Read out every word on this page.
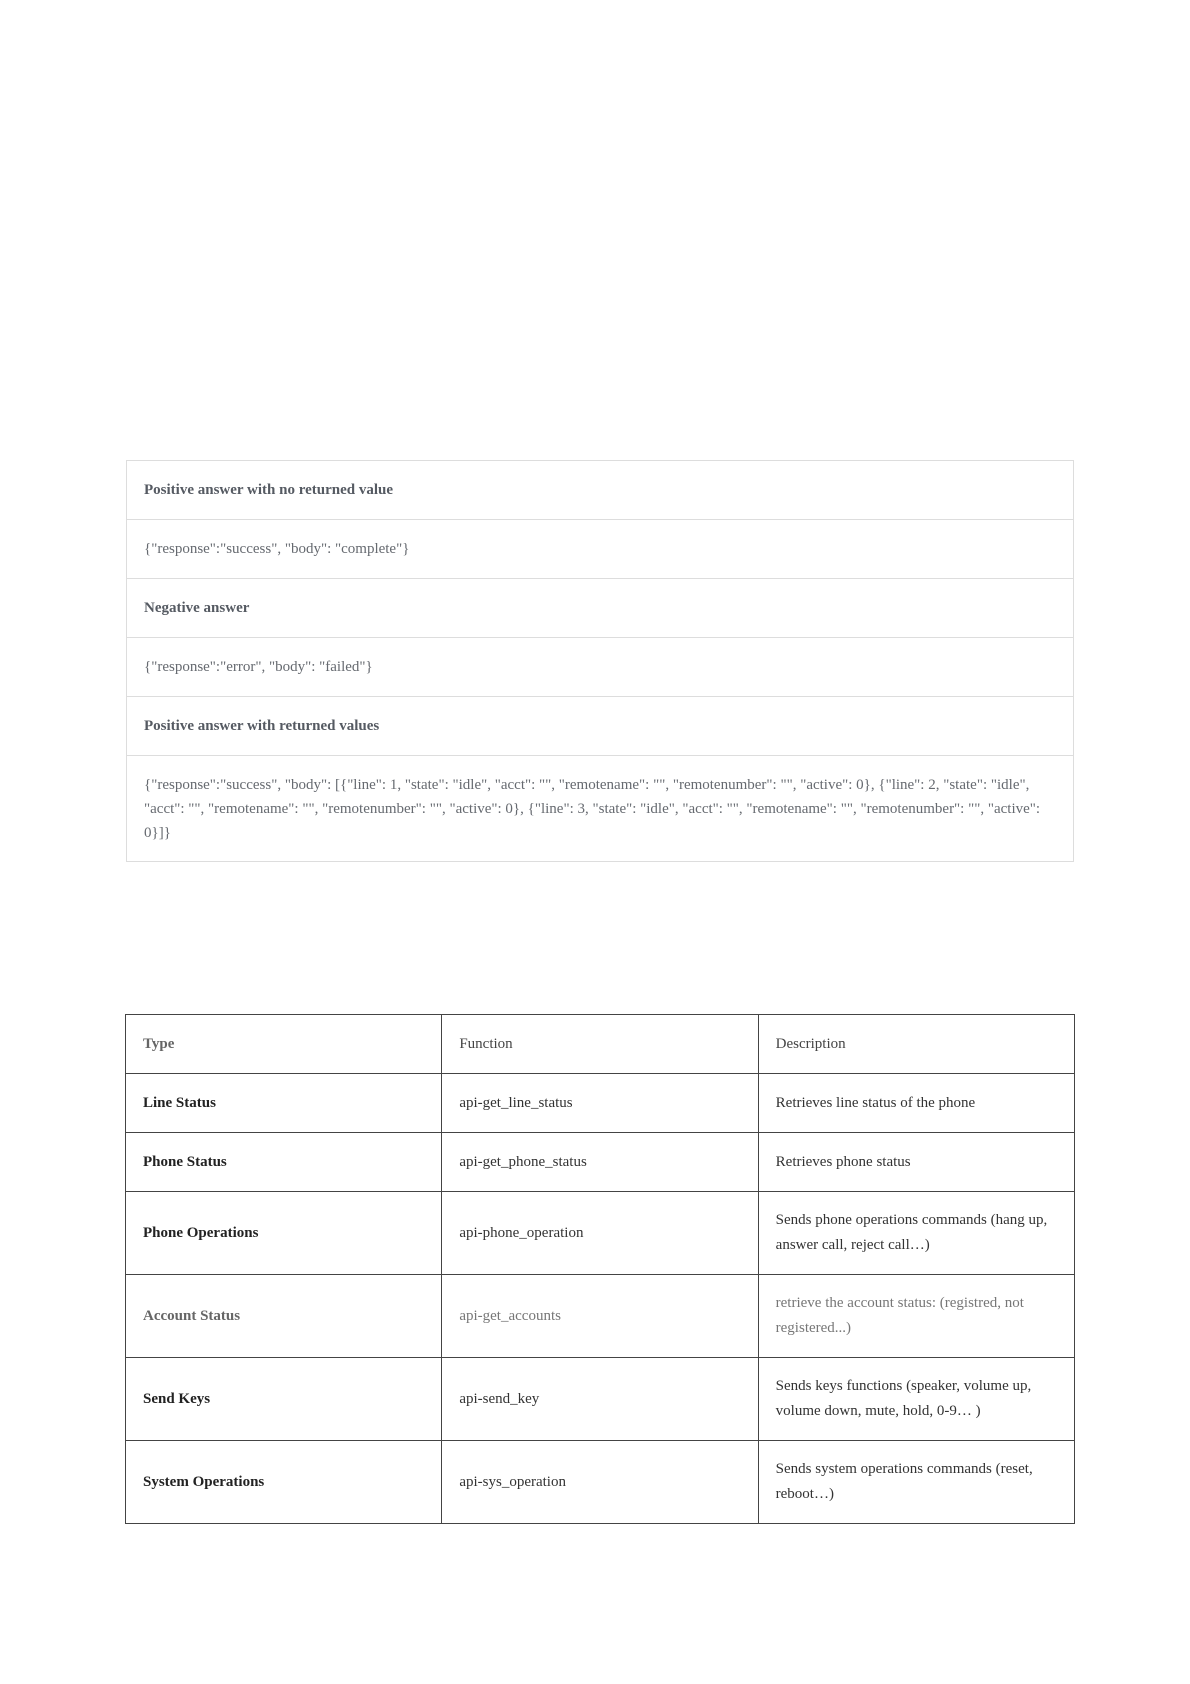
Positive answer with no returned value
{"response":"success", "body": "complete"}
Negative answer
{"response":"error", "body": "failed"}
Positive answer with returned values
{"response":"success", "body": [{"line": 1, "state": "idle", "acct": "", "remotename": "", "remotenumber": "", "active": 0}, {"line": 2, "state": "idle", "acct": "", "remotename": "", "remotenumber": "", "active": 0}, {"line": 3, "state": "idle", "acct": "", "remotename": "", "remotenumber": "", "active": 0}]}
Type	Function	Description
Line Status	api-get_line_status	Retrieves line status of the phone
Phone Status	api-get_phone_status	Retrieves phone status
Phone Operations	api-phone_operation	Sends phone operations commands (hang up, answer call, reject call…)
Account Status	api-get_accounts	retrieve the account status: (registred, not registered...)
Send Keys	api-send_key	Sends keys functions (speaker, volume up, volume down, mute, hold, 0-9… )
System Operations	api-sys_operation	Sends system operations commands (reset, reboot…)
